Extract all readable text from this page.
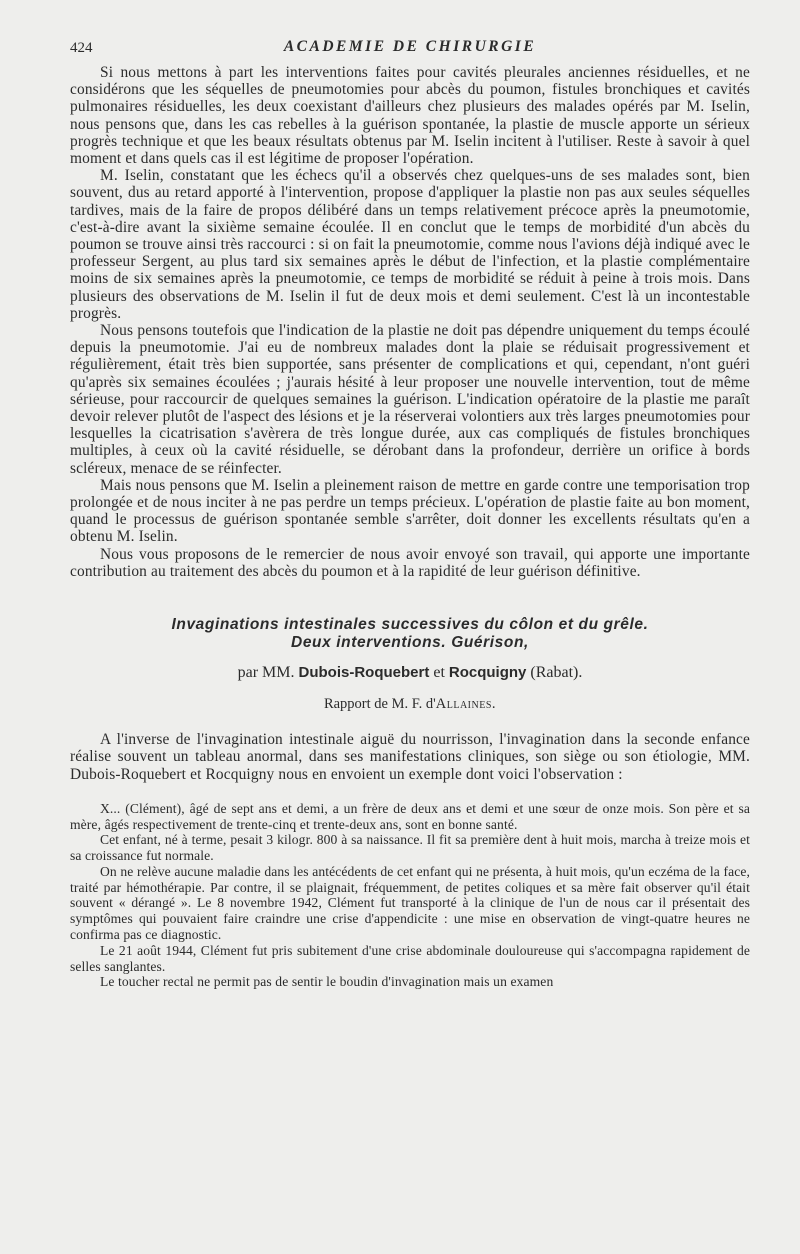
424	ACADEMIE DE CHIRURGIE

Si nous mettons à part les interventions faites pour cavités pleurales anciennes résiduelles, et ne considérons que les séquelles de pneumotomies pour abcès du poumon, fistules bronchiques et cavités pulmonaires résiduelles, les deux coexistant d'ailleurs chez plusieurs des malades opérés par M. Iselin, nous pensons que, dans les cas rebelles à la guérison spontanée, la plastie de muscle apporte un sérieux progrès technique et que les beaux résultats obtenus par M. Iselin incitent à l'utiliser. Reste à savoir à quel moment et dans quels cas il est légitime de proposer l'opération.

M. Iselin, constatant que les échecs qu'il a observés chez quelques-uns de ses malades sont, bien souvent, dus au retard apporté à l'intervention, propose d'appliquer la plastie non pas aux seules séquelles tardives, mais de la faire de propos délibéré dans un temps relativement précoce après la pneumotomie, c'est-à-dire avant la sixième semaine écoulée. Il en conclut que le temps de morbidité d'un abcès du poumon se trouve ainsi très raccourci : si on fait la pneumotomie, comme nous l'avions déjà indiqué avec le professeur Sergent, au plus tard six semaines après le début de l'infection, et la plastie complémentaire moins de six semaines après la pneumotomie, ce temps de morbidité se réduit à peine à trois mois. Dans plusieurs des observations de M. Iselin il fut de deux mois et demi seulement. C'est là un incontestable progrès.

Nous pensons toutefois que l'indication de la plastie ne doit pas dépendre uniquement du temps écoulé depuis la pneumotomie. J'ai eu de nombreux malades dont la plaie se réduisait progressivement et régulièrement, était très bien supportée, sans présenter de complications et qui, cependant, n'ont guéri qu'après six semaines écoulées ; j'aurais hésité à leur proposer une nouvelle intervention, tout de même sérieuse, pour raccourcir de quelques semaines la guérison. L'indication opératoire de la plastie me paraît devoir relever plutôt de l'aspect des lésions et je la réserverai volontiers aux très larges pneumotomies pour lesquelles la cicatrisation s'avèrera de très longue durée, aux cas compliqués de fistules bronchiques multiples, à ceux où la cavité résiduelle, se dérobant dans la profondeur, derrière un orifice à bords scléreux, menace de se réinfecter.

Mais nous pensons que M. Iselin a pleinement raison de mettre en garde contre une temporisation trop prolongée et de nous inciter à ne pas perdre un temps précieux. L'opération de plastie faite au bon moment, quand le processus de guérison spontanée semble s'arrêter, doit donner les excellents résultats qu'en a obtenu M. Iselin.

Nous vous proposons de le remercier de nous avoir envoyé son travail, qui apporte une importante contribution au traitement des abcès du poumon et à la rapidité de leur guérison définitive.

Invaginations intestinales successives du côlon et du grêle.
Deux interventions. Guérison,
par MM. Dubois-Roquebert et Rocquigny (Rabat).
Rapport de M. F. d'Allaines.

A l'inverse de l'invagination intestinale aiguë du nourrisson, l'invagination dans la seconde enfance réalise souvent un tableau anormal, dans ses manifestations cliniques, son siège ou son étiologie, MM. Dubois-Roquebert et Rocquigny nous en envoient un exemple dont voici l'observation :

X... (Clément), âgé de sept ans et demi, a un frère de deux ans et demi et une sœur de onze mois. Son père et sa mère, âgés respectivement de trente-cinq et trente-deux ans, sont en bonne santé.

Cet enfant, né à terme, pesait 3 kilogr. 800 à sa naissance. Il fit sa première dent à huit mois, marcha à treize mois et sa croissance fut normale.

On ne relève aucune maladie dans les antécédents de cet enfant qui ne présenta, à huit mois, qu'un eczéma de la face, traité par hémothérapie. Par contre, il se plaignait, fréquemment, de petites coliques et sa mère fait observer qu'il était souvent « dérangé ». Le 8 novembre 1942, Clément fut transporté à la clinique de l'un de nous car il présentait des symptômes qui pouvaient faire craindre une crise d'appendicite : une mise en observation de vingt-quatre heures ne confirma pas ce diagnostic.

Le 21 août 1944, Clément fut pris subitement d'une crise abdominale douloureuse qui s'accompagna rapidement de selles sanglantes.

Le toucher rectal ne permit pas de sentir le boudin d'invagination mais un examen
